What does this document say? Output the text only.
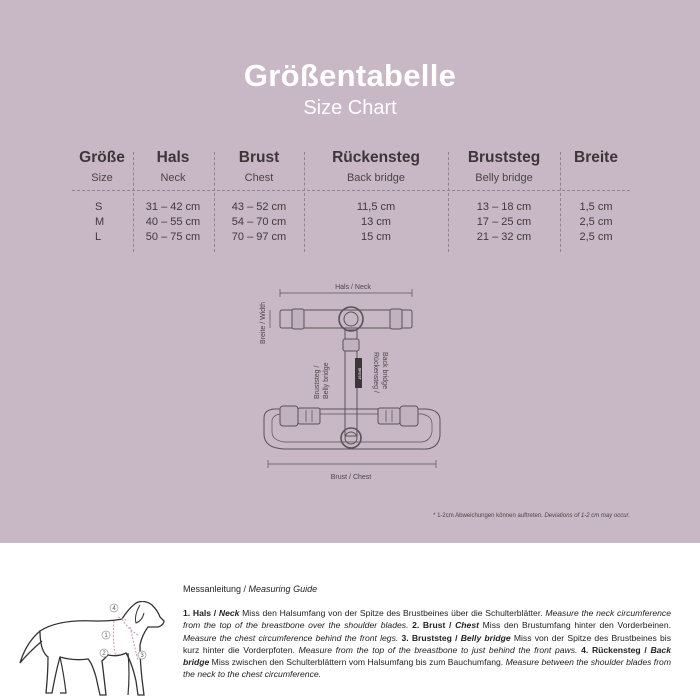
Größentabelle
Size Chart
Größe
Size
S
M
L
Hals
Neck
31 – 42 cm
40 – 55 cm
50 – 75 cm
Brust
Chest
43 – 52 cm
54 – 70 cm
70 – 97 cm
Rückensteg
Back bridge
11,5 cm
13 cm
15 cm
Bruststeg
Belly bridge
13 – 18 cm
17 – 25 cm
21 – 32 cm
Breite
1,5 cm
2,5 cm
2,5 cm
Hals / Neck
Breite / Width
BRUST
Bruststeg / Belly bridge	Rückensteg / Back bridge
Brust / Chest
* 1-2cm Abweichungen können auftreten. Deviations of 1-2 cm may occur.
4
1
2	3
Messanleitung / Measuring Guide
1. Hals / Neck Miss den Halsumfang von der Spitze des Brustbeines über die Schulterblätter. Measure the neck circumference from the top of the breastbone over the shoulder blades. 2. Brust / Chest Miss den Brustumfang hinter den Vorderbeinen. Measure the chest circumference behind the front legs. 3. Bruststeg / Belly bridge Miss von der Spitze des Brustbeines bis kurz hinter die Vorderpfoten. Measure from the top of the breastbone to just behind the front paws. 4. Rückensteg / Back bridge Miss zwischen den Schulterblättern vom Halsumfang bis zum Bauchumfang. Measure between the shoulder blades from the neck to the chest circumference.
